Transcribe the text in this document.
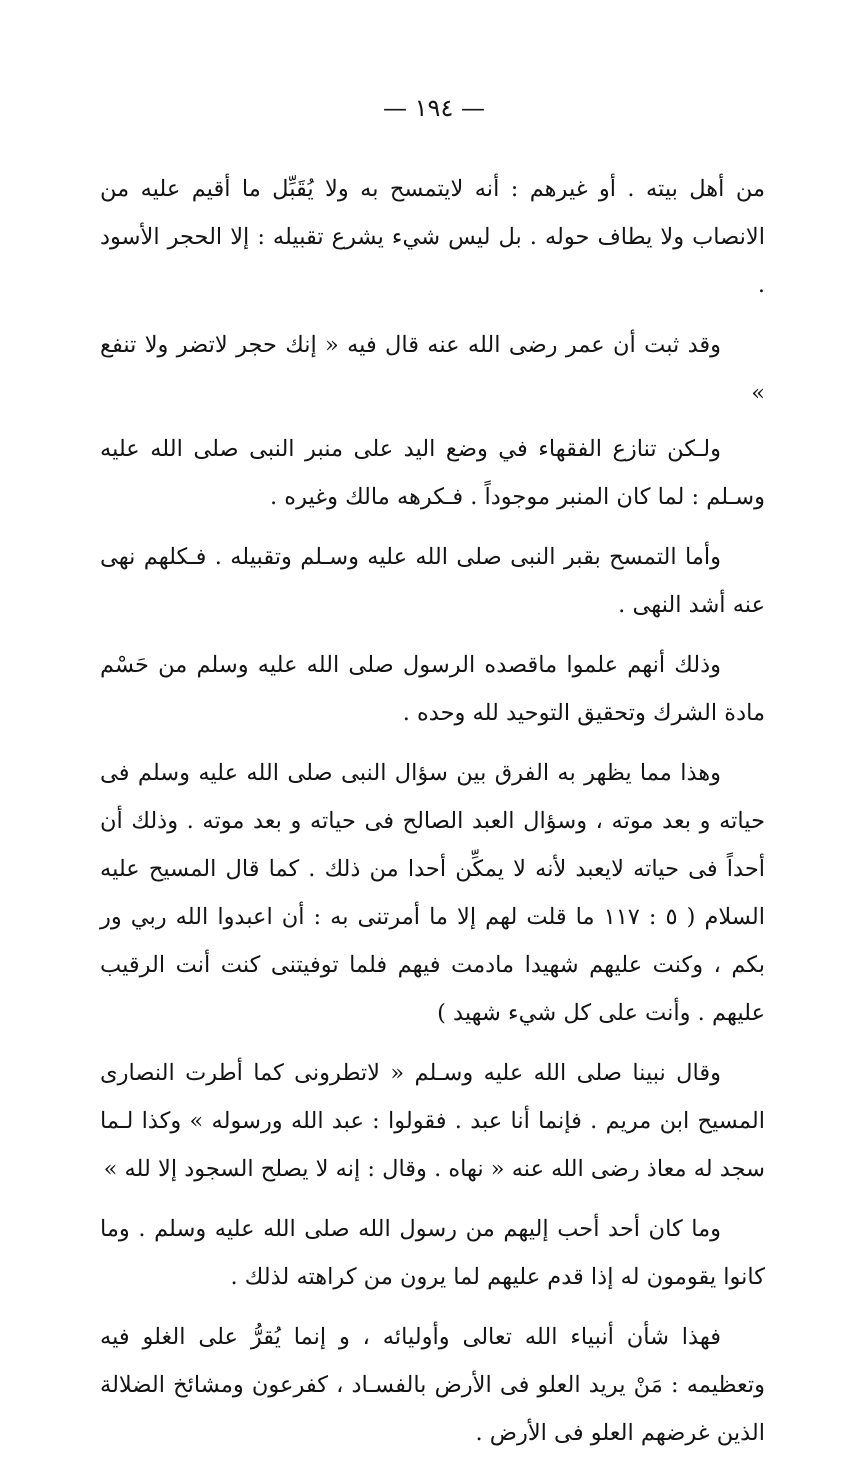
— ١٩٤ —

من أهل بيته . أو غيرهم : أنه لايتمسح به ولا يُقَبِّل ما أقيم عليه من الانصاب ولا يطاف حوله . بل ليس شيء يشرع تقبيله : إلا الحجر الأسود .

وقد ثبت أن عمر رضى الله عنه قال فيه « إنك حجر لاتضر ولا تنفع »

ولـكن تنازع الفقهاء في وضع اليد على منبر النبى صلى الله عليه وسـلم : لما كان المنبر موجوداً . فـكرهه مالك وغيره .

وأما التمسح بقبر النبى صلى الله عليه وسـلم وتقبيله . فـكلهم نهى عنه أشد النهى .

وذلك أنهم علموا ماقصده الرسول صلى الله عليه وسلم من حَسْم مادة الشرك وتحقيق التوحيد لله وحده .

وهذا مما يظهر به الفرق بين سؤال النبى صلى الله عليه وسلم فى حياته و بعد موته ، وسؤال العبد الصالح فى حياته و بعد موته . وذلك أن أحداً فى حياته لايعبد لأنه لا يمكِّن أحدا من ذلك . كما قال المسيح عليه السلام ( ٥ : ١١٧ ما قلت لهم إلا ما أمرتنى به : أن اعبدوا الله ربي ور بكم ، وكنت عليهم شهيدا مادمت فيهم فلما توفيتنى كنت أنت الرقيب عليهم . وأنت على كل شيء شهيد )

وقال نبينا صلى الله عليه وسـلم « لاتطرونى كما أطرت النصارى المسيح ابن مريم . فإنما أنا عبد . فقولوا : عبد الله ورسوله » وكذا لـما سجد له معاذ رضى الله عنه « نهاه . وقال : إنه لا يصلح السجود إلا لله »

وما كان أحد أحب إليهم من رسول الله صلى الله عليه وسلم . وما كانوا يقومون له إذا قدم عليهم لما يرون من كراهته لذلك .

فهذا شأن أنبياء الله تعالى وأوليائه ، و إنما يُقرُّ على الغلو فيه وتعظيمه : مَنْ يريد العلو فى الأرض بالفسـاد ، كفرعون ومشائخ الضلالة الذين غرضهم العلو فى الأرض .
